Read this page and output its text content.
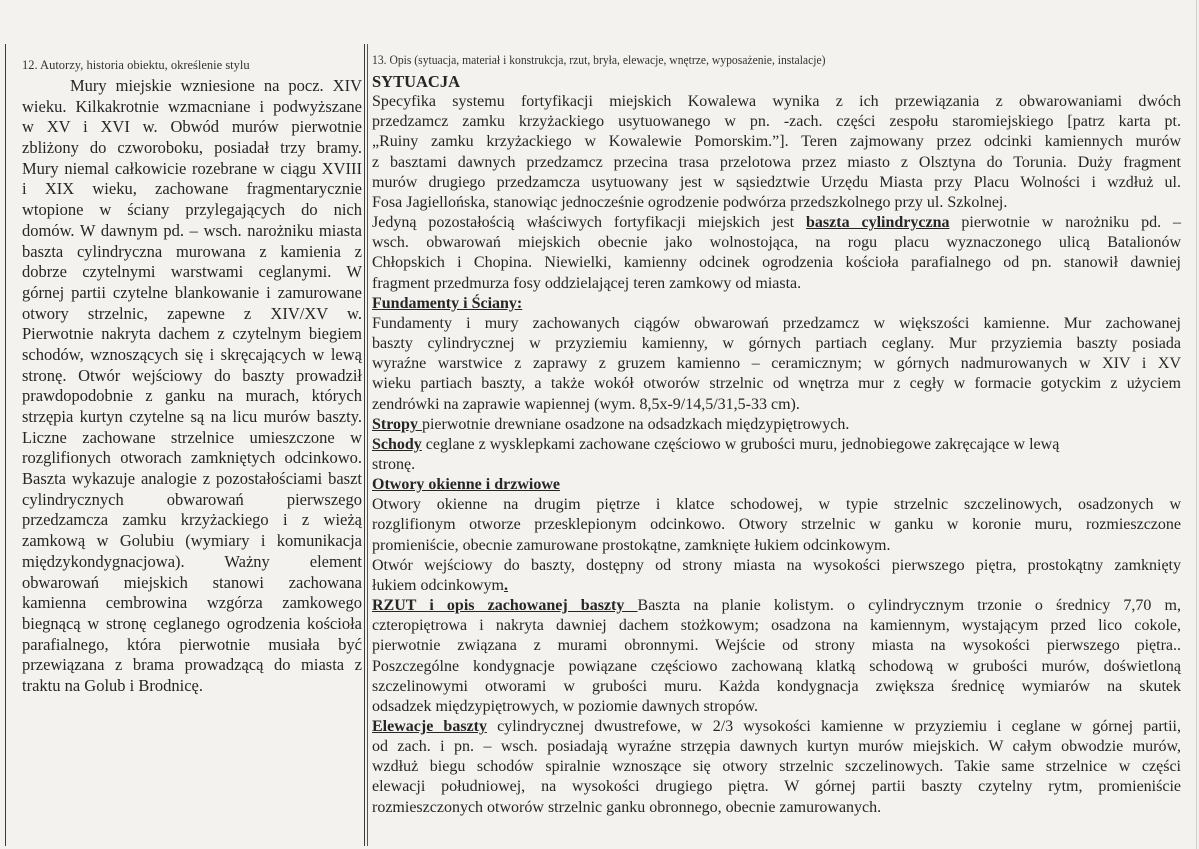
12. Autorzy, historia obiektu, określenie stylu
Mury miejskie wzniesione na pocz. XIV
wieku. Kilkakrotnie wzmacniane i podwyższane
w XV i XVI w. Obwód murów pierwotnie
zbliżony do czworoboku, posiadał trzy bramy.
Mury niemal całkowicie rozebrane w ciągu XVIII
i XIX wieku, zachowane fragmentarycznie
wtopione w ściany przylegających do nich
domów. W dawnym pd. – wsch. narożniku miasta
baszta cylindryczna murowana z kamienia z
dobrze czytelnymi warstwami ceglanymi. W
górnej partii czytelne blankowanie i zamurowane
otwory strzelnic, zapewne z XIV/XV w.
Pierwotnie nakryta dachem z czytelnym biegiem
schodów, wznoszących się i skręcających w lewą
stronę. Otwór wejściowy do baszty prowadził
prawdopodobnie z ganku na murach, których
strzępia kurtyn czytelne są na licu murów baszty.
Liczne zachowane strzelnice umieszczone w
rozglifionych otworach zamkniętych odcinkowo.
Baszta wykazuje analogie z pozostałościami baszt
cylindrycznych obwarowań pierwszego
przedzamcza zamku krzyżackiego i z wieżą
zamkową w Golubiu (wymiary i komunikacja
międzykondygnacjowa). Ważny element
obwarowań miejskich stanowi zachowana
kamienna cembrowina wzgórza zamkowego
biegnącą w stronę ceglanego ogrodzenia kościoła
parafialnego, która pierwotnie musiała być
przewiązana z brama prowadzącą do miasta z
traktu na Golub i Brodnicę.
13. Opis (sytuacja, materiał i konstrukcja, rzut, bryła, elewacje, wnętrze, wyposażenie, instalacje)
SYTUACJA
Specyfika systemu fortyfikacji miejskich Kowalewa wynika z ich przewiązania z obwarowaniami dwóch
przedzamcz zamku krzyżackiego usytuowanego w pn. -zach. części zespołu staromiejskiego [patrz karta pt.
„Ruiny zamku krzyżackiego w Kowalewie Pomorskim.”]. Teren zajmowany przez odcinki kamiennych murów
z basztami dawnych przedzamcz przecina trasa przelotowa przez miasto z Olsztyna do Torunia. Duży fragment
murów drugiego przedzamcza usytuowany jest w sąsiedztwie Urzędu Miasta przy Placu Wolności i wzdłuż ul.
Fosa Jagiellońska, stanowiąc jednocześnie ogrodzenie podwórza przedszkolnego przy ul. Szkolnej.
Jedyną pozostałością właściwych fortyfikacji miejskich jest baszta cylindryczna pierwotnie w narożniku pd. –
wsch. obwarowań miejskich obecnie jako wolnostojąca, na rogu placu wyznaczonego ulicą Batalionów
Chłopskich i Chopina. Niewielki, kamienny odcinek ogrodzenia kościoła parafialnego od pn. stanowił dawniej
fragment przedmurza fosy oddzielającej teren zamkowy od miasta.
Fundamenty i Ściany:
Fundamenty i mury zachowanych ciągów obwarowań przedzamcz w większości kamienne. Mur zachowanej
baszty cylindrycznej w przyziemiu kamienny, w górnych partiach ceglany. Mur przyziemia baszty posiada
wyraźne warstwice z zaprawy z gruzem kamienno – ceramicznym; w górnych nadmurowanych w XIV i XV
wieku partiach baszty, a także wokół otworów strzelnic od wnętrza mur z cegły w formacie gotyckim z użyciem
zendrówki na zaprawie wapiennej (wym. 8,5x-9/14,5/31,5-33 cm).
Stropy pierwotnie drewniane osadzone na odsadzkach międzypiętrowych.
Schody ceglane z wysklepkami zachowane częściowo w grubości muru, jednobiegowe zakręcające w lewą
stronę.
Otwory okienne i drzwiowe
Otwory okienne na drugim piętrze i klatce schodowej, w typie strzelnic szczelinowych, osadzonych w
rozglifionym otworze przesklepionym odcinkowo. Otwory strzelnic w ganku w koronie muru, rozmieszczone
promieniście, obecnie zamurowane prostokątne, zamknięte łukiem odcinkowym.
Otwór wejściowy do baszty, dostępny od strony miasta na wysokości pierwszego piętra, prostokątny zamknięty
łukiem odcinkowym.
RZUT i opis zachowanej baszty Baszta na planie kolistym. o cylindrycznym trzonie o średnicy 7,70 m,
czteropiętrowa i nakryta dawniej dachem stożkowym; osadzona na kamiennym, wystającym przed lico cokole,
pierwotnie związana z murami obronnymi. Wejście od strony miasta na wysokości pierwszego piętra..
Poszczególne kondygnacje powiązane częściowo zachowaną klatką schodową w grubości murów, doświetloną
szczelinowymi otworami w grubości muru. Każda kondygnacja zwiększa średnicę wymiarów na skutek
odsadzek międzypiętrowych, w poziomie dawnych stropów.
Elewacje baszty cylindrycznej dwustrefowe, w 2/3 wysokości kamienne w przyziemiu i ceglane w górnej partii,
od zach. i pn. – wsch. posiadają wyraźne strzępia dawnych kurtyn murów miejskich. W całym obwodzie murów,
wzdłuż biegu schodów spiralnie wznoszące się otwory strzelnic szczelinowych. Takie same strzelnice w części
elewacji południowej, na wysokości drugiego piętra. W górnej partii baszty czytelny rytm, promieniście
rozmieszczonych otworów strzelnic ganku obronnego, obecnie zamurowanych.
